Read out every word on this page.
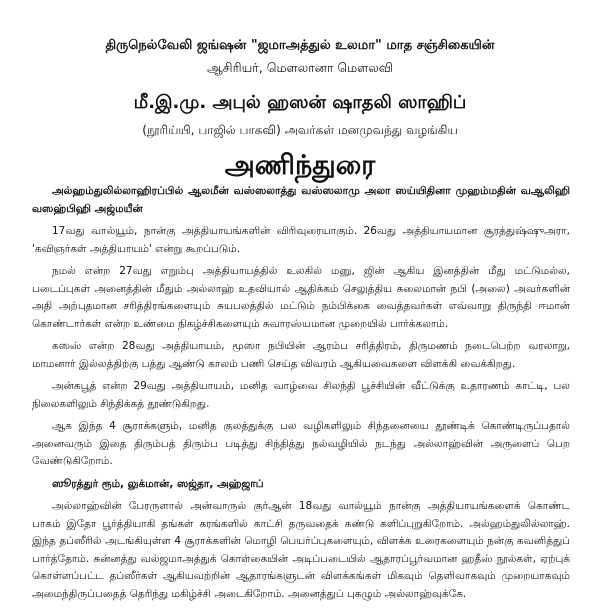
திருநெல்வேலி ஜங்ஷன் "ஜமாஅத்துல் உலமா" மாத சஞ்சிகையின்
ஆசிரியர், மௌலானா மௌலவி
மீ.இ.மு. அபுல் ஹஸன் ஷாதலி ஸாஹிப்
(நூரிய்யி, பாஜில் பாகவி) அவர்கள் மனமுவந்து வழங்கிய
அணிந்துரை

அல்ஹம்துலில்லாஹிரப்பில் ஆலமீன் வஸ்ஸலாத்து வஸ்ஸலாமு அலா ஸய்யிதினா முஹம்மதின் வஆலிஹி வஸஹ்பிஹி அஜ்மயீன்

17வது வால்யூம், நான்கு அத்தியாயங்களின் விரிவுரையாகும். 26வது அத்தியாயமான சூரத்துஷ்ஷுஅரா, 'கவிஞர்கள் அத்தியாயம்' என்று கூறப்படும்.

நமல் என்ற 27வது எறும்பு அத்தியாயத்தில் உலகில் மனு, ஜின் ஆகிய இனத்தின் மீது மட்டுமல்ல, படைப்புகள் அனைத்தின் மீதும் அல்லாஹ் உதவியால் ஆதிக்கம் செலுத்திய சுலைமான் நபி (அலை) அவர்களின் அதி அற்புதமான சரித்திரங்களையும் சுயபலத்தில் மட்டும் நம்பிக்கை வைத்தவர்கள் எவ்வாறு திருந்தி ஈமான் கொண்டார்கள் என்ற உண்மை நிகழ்ச்சிகளையும் சுவாரஸ்யமான முறையில் பார்க்கலாம்.

கஸஸ் என்ற 28வது அத்தியாயம், மூஸா நபியின் ஆரம்ப சரித்திரம், திருமணம் நடைபெற்ற வரலாறு, மாமனார் இல்லத்திற்கு பத்து ஆண்டு காலம் பணி செய்த விவரம் ஆகியவைகளை விளக்கி வைக்கிறது.

அன்கபூத் என்ற 29வது அத்தியாயம், மனித வாழ்வை சிலந்தி பூச்சியின் வீட்டுக்கு உதாரணம் காட்டி, பல நிலைகளிலும் சிந்திக்கத் தூண்டுகிறது.

ஆக இந்த 4 சூராக்களும், மனித குலத்துக்கு பல வழிகளிலும் சிந்தனையை தூண்டிக் கொண்டிருப்பதால் அனைவரும் இதை திரும்பத் திரும்ப படித்து சிந்தித்து நல்வழியில் நடந்து அல்லாஹ்வின் அருளைப் பெற வேண்டுகிறோம்.

ஸூரத்துர் ரூம், லுக்மான், ஸஜ்தா, அஹ்ஜாப்

அல்லாஹ்வின் பேரருளால் அன்வாருல் குர்ஆன் 18வது வால்யூம் நான்கு அத்தியாயங்களைக் கொண்ட பாகம் இதோ பூர்த்தியாகி தங்கள் கரங்களில் காட்சி தருவதைக் கண்டு களிப்புறுகிறோம். அல்ஹம்துலில்லாஹ். இந்த தப்ஸீரில் அடங்கியுள்ள 4 சூராக்களின் மொழி பெயர்ப்புகளையும், விளக்க உரைகளையும் நன்கு கவனித்துப் பார்த்தோம். சுன்னத்து வல்ஜமாஅத்துக் கொள்கையின் அடிப்படையில் ஆதாரப்பூர்வமான ஹதீஸ் நூல்கள், ஏற்புக் கொள்ளப்பட்ட தப்ஸீர்கள் ஆகியவற்றின் ஆதாரங்களுடன் விளக்கங்கள் மிகவும் தெளிவாகவும் முறையாகவும் அமைந்திருப்பதைத் தெரிந்து மகிழ்ச்சி அடைகிறோம். அனைத்துப் புகழும் அல்லாஹ்வுக்கே.
